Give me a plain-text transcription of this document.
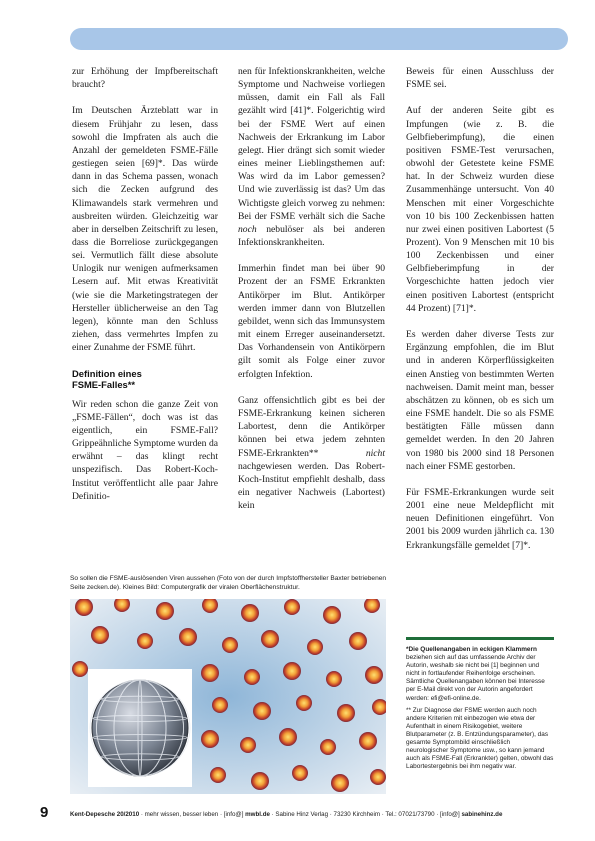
zur Erhöhung der Impfbereitschaft braucht?

Im Deutschen Ärzteblatt war in diesem Frühjahr zu lesen, dass sowohl die Impfraten als auch die Anzahl der gemeldeten FSME-Fälle gestiegen seien [69]*. Das würde dann in das Schema passen, wonach sich die Zecken aufgrund des Klimawandels stark vermehren und ausbreiten würden. Gleichzeitig war aber in derselben Zeitschrift zu lesen, dass die Borreliose zurückgegangen sei. Vermutlich fällt diese absolute Unlogik nur wenigen aufmerksamen Lesern auf. Mit etwas Kreativität (wie sie die Marketingstrategen der Hersteller üblicherweise an den Tag legen), könnte man den Schluss ziehen, dass vermehrtes Impfen zu einer Zunahme der FSME führt.

Definition eines
FSME-Falles**

Wir reden schon die ganze Zeit von „FSME-Fällen“, doch was ist das eigentlich, ein FSME-Fall? Grippeähnliche Symptome wurden da erwähnt – das klingt recht unspezifisch. Das Robert-Koch-Institut veröffentlicht alle paar Jahre Definitio-

nen für Infektionskrankheiten, welche Symptome und Nachweise vorliegen müssen, damit ein Fall als Fall gezählt wird [41]*. Folgerichtig wird bei der FSME Wert auf einen Nachweis der Erkrankung im Labor gelegt. Hier drängt sich somit wieder eines meiner Lieblingsthemen auf: Was wird da im Labor gemessen? Und wie zuverlässig ist das? Um das Wichtigste gleich vorweg zu nehmen: Bei der FSME verhält sich die Sache noch nebulöser als bei anderen Infektionskrankheiten.

Immerhin findet man bei über 90 Prozent der an FSME Erkrankten Antikörper im Blut. Antikörper werden immer dann von Blutzellen gebildet, wenn sich das Immunsystem mit einem Erreger auseinandersetzt. Das Vorhandensein von Antikörpern gilt somit als Folge einer zuvor erfolgten Infektion.

Ganz offensichtlich gibt es bei der FSME-Erkrankung keinen sicheren Labortest, denn die Antikörper können bei etwa jedem zehnten FSME-Erkrankten** nicht nachgewiesen werden. Das Robert-Koch-Institut empfiehlt deshalb, dass ein negativer Nachweis (Labortest) kein

Beweis für einen Ausschluss der FSME sei.

Auf der anderen Seite gibt es Impfungen (wie z. B. die Gelbfieberimpfung), die einen positiven FSME-Test verursachen, obwohl der Getestete keine FSME hat. In der Schweiz wurden diese Zusammenhänge untersucht. Von 40 Menschen mit einer Vorgeschichte von 10 bis 100 Zeckenbissen hatten nur zwei einen positiven Labortest (5 Prozent). Von 9 Menschen mit 10 bis 100 Zeckenbissen und einer Gelbfieberimpfung in der Vorgeschichte hatten jedoch vier einen positiven Labortest (entspricht 44 Prozent) [71]*.

Es werden daher diverse Tests zur Ergänzung empfohlen, die im Blut und in anderen Körperflüssigkeiten einen Anstieg von bestimmten Werten nachweisen. Damit meint man, besser abschätzen zu können, ob es sich um eine FSME handelt. Die so als FSME bestätigten Fälle müssen dann gemeldet werden. In den 20 Jahren von 1980 bis 2000 sind 18 Personen nach einer FSME gestorben.

Für FSME-Erkrankungen wurde seit 2001 eine neue Meldepflicht mit neuen Definitionen eingeführt. Von 2001 bis 2009 wurden jährlich ca. 130 Erkrankungsfälle gemeldet [7]*.

So sollen die FSME-auslösenden Viren aussehen (Foto von der durch Impfstoffhersteller Baxter betriebenen Seite zecken.de). Kleines Bild: Computergrafik der viralen Oberflächenstruktur.

*Die Quellenangaben in eckigen Klammern beziehen sich auf das umfassende Archiv der Autorin, weshalb sie nicht bei [1] beginnen und nicht in fortlaufender Reihenfolge erscheinen. Sämtliche Quellenangaben können bei Interesse per E-Mail direkt von der Autorin angefordert werden: efi@efi-online.de.

** Zur Diagnose der FSME werden auch noch andere Kriterien mit einbezogen wie etwa der Aufenthalt in einem Risikogebiet, weitere Blutparameter (z. B. Entzündungsparameter), das gesamte Symptombild einschließlich neurologischer Symptome usw., so kann jemand auch als FSME-Fall (Erkrankter) gelten, obwohl das Labortestergebnis bei ihm negativ war.

9	Kent-Depesche 20/2010 · mehr wissen, besser leben · [info@] mwbl.de · Sabine Hinz Verlag · 73230 Kirchheim · Tel.: 07021/73790 · [info@] sabinehinz.de
